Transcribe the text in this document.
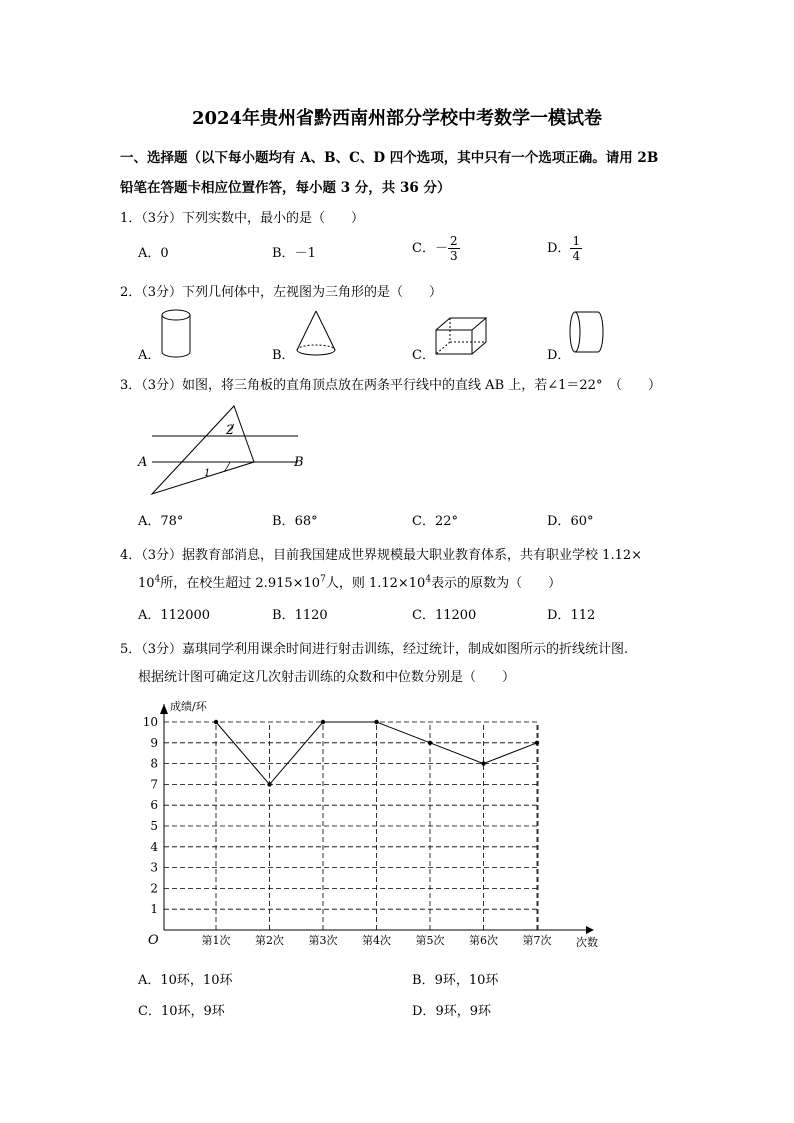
2024年贵州省黔西南州部分学校中考数学一模试卷
一、选择题（以下每小题均有 A、B、C、D 四个选项，其中只有一个选项正确。请用 2B
铅笔在答题卡相应位置作答，每小题 3 分，共 36 分）
1．（3分）下列实数中，最小的是（　　）
A．0	B．－1	C．－ $\frac{2}{3}$	D． $\frac{1}{4}$
2．（3分）下列几何体中，左视图为三角形的是（　　）
A．	B．	C．	D．
3．（3分）如图，将三角板的直角顶点放在两条平行线中的直线 AB 上，若∠1＝22°　（　　）
A	B
1
2
A．78°	B．68°	C．22°	D．60°
4．（3分）据教育部消息，目前我国建成世界规模最大职业教育体系，共有职业学校 1.12×
$10^4$所，在校生超过 $2.915\times 10^7$人，则 $1.12\times 10^4$表示的原数为（　　）
A．112000	B．1120	C．11200	D．112
5．（3分）嘉琪同学利用课余时间进行射击训练，经过统计，制成如图所示的折线统计图.
根据统计图可确定这几次射击训练的众数和中位数分别是（　　）
成绩/环
次数
O
1
2
3
4
5
6
7
8
9
10
第1次 第2次 第3次 第4次 第5次 第6次 第7次
A．10环，10环	B．9环，10环
C．10环，9环	D．9环，9环
